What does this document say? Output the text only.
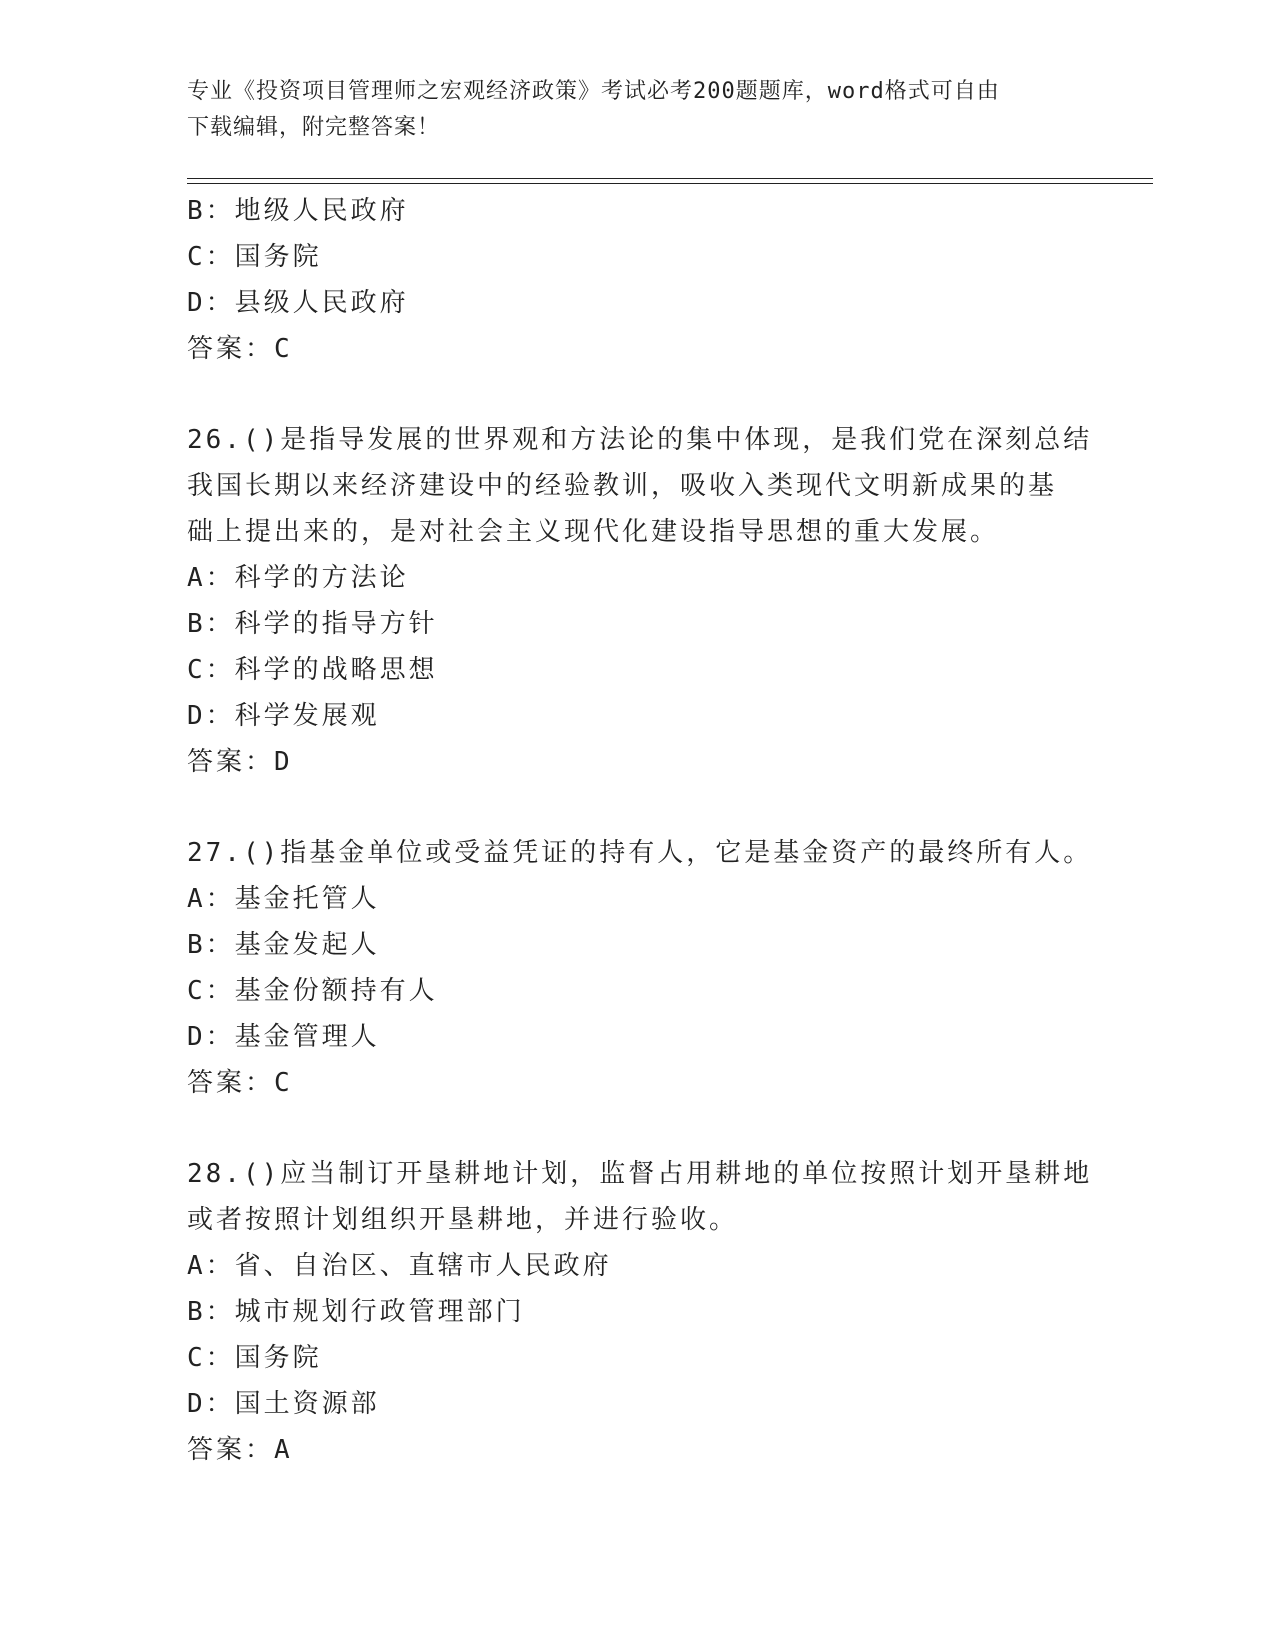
专业《投资项目管理师之宏观经济政策》考试必考200题题库，word格式可自由
下载编辑，附完整答案！
B：地级人民政府
C：国务院
D：县级人民政府
答案：C
26.()是指导发展的世界观和方法论的集中体现，是我们党在深刻总结
我国长期以来经济建设中的经验教训，吸收入类现代文明新成果的基
础上提出来的，是对社会主义现代化建设指导思想的重大发展。
A：科学的方法论
B：科学的指导方针
C：科学的战略思想
D：科学发展观
答案：D
27.()指基金单位或受益凭证的持有人，它是基金资产的最终所有人。
A：基金托管人
B：基金发起人
C：基金份额持有人
D：基金管理人
答案：C
28.()应当制订开垦耕地计划，监督占用耕地的单位按照计划开垦耕地
或者按照计划组织开垦耕地，并进行验收。
A：省、自治区、直辖市人民政府
B：城市规划行政管理部门
C：国务院
D：国土资源部
答案：A
